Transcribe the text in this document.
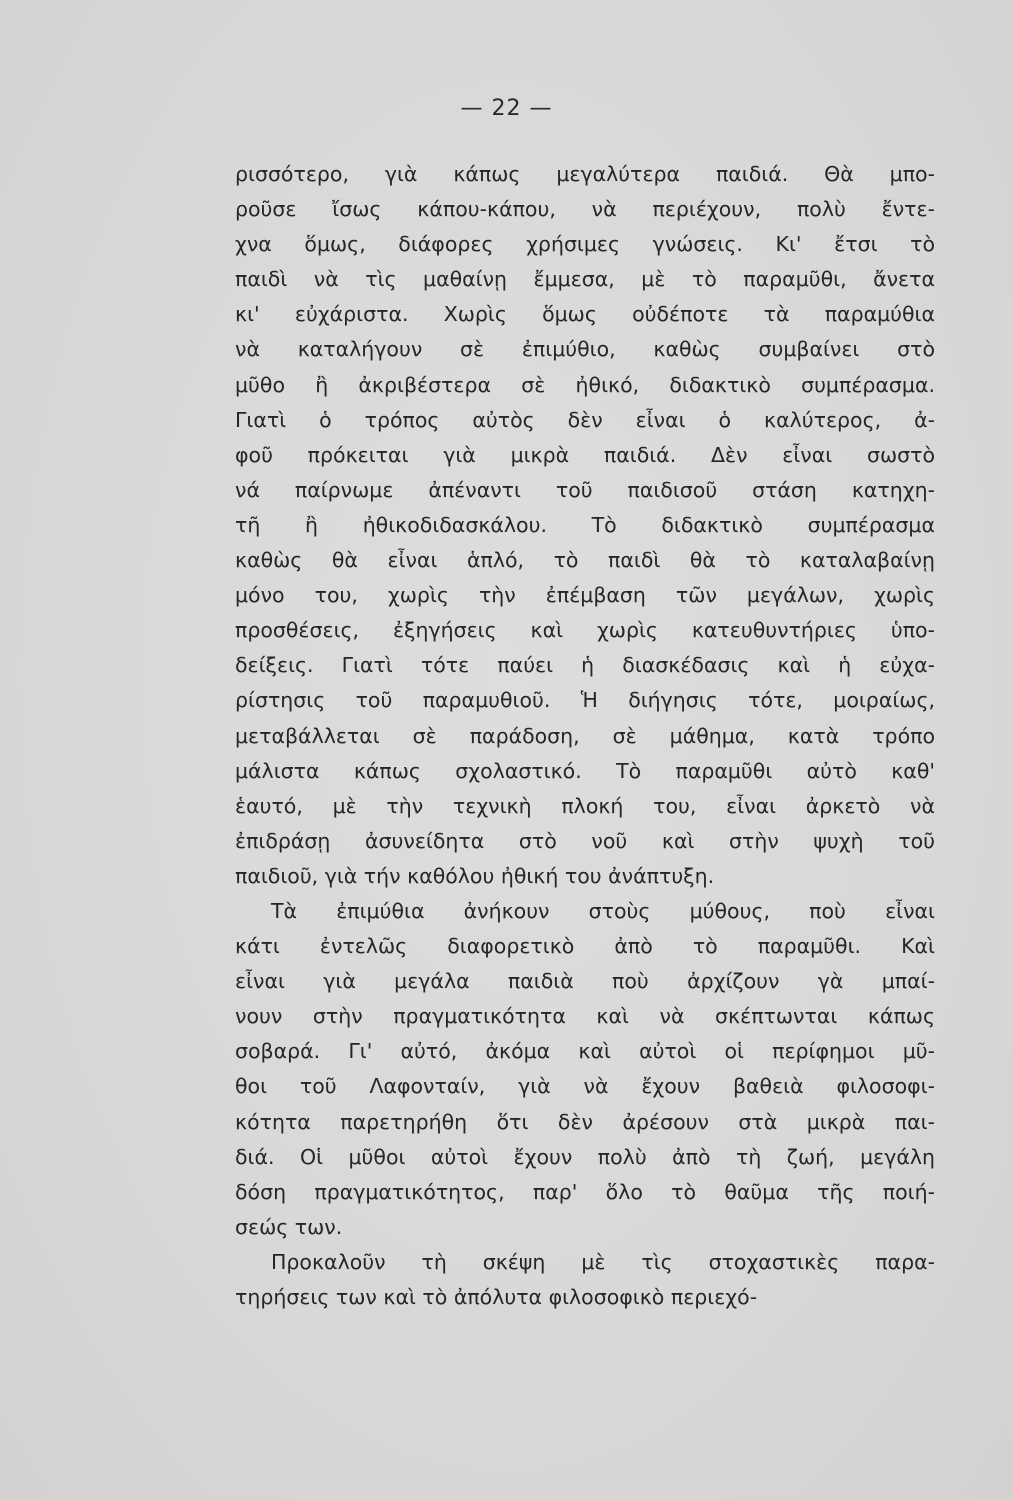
— 22 —
ρισσότερο, γιὰ κάπως μεγαλύτερα παιδιά. Θὰ μπο-
ροῦσε ἴσως κάπου-κάπου, νὰ περιέχουν, πολὺ ἔντε-
χνα ὅμως, διάφορες χρήσιμες γνώσεις. Κι' ἔτσι τὸ
παιδὶ νὰ τὶς μαθαίνῃ ἔμμεσα, μὲ τὸ παραμῦθι, ἄνετα
κι' εὐχάριστα. Χωρὶς ὅμως οὐδέποτε τὰ παραμύθια
νὰ καταλήγουν σὲ ἐπιμύθιο, καθὼς συμβαίνει στὸ
μῦθο ἢ ἀκριβέστερα σὲ ἠθικό, διδακτικὸ συμπέρασμα.
Γιατὶ ὁ τρόπος αὐτὸς δὲν εἶναι ὁ καλύτερος, ἀ-
φοῦ πρόκειται γιὰ μικρὰ παιδιά. Δὲν εἶναι σωστὸ
νά παίρνωμε ἀπέναντι τοῦ παιδισοῦ στάση κατηχη-
τῆ ἢ ἠθικοδιδασκάλου. Τὸ διδακτικὸ συμπέρασμα
καθὼς θὰ εἶναι ἁπλό, τὸ παιδὶ θὰ τὸ καταλαβαίνῃ
μόνο του, χωρὶς τὴν ἐπέμβαση τῶν μεγάλων, χωρὶς
προσθέσεις, ἐξηγήσεις καὶ χωρὶς κατευθυντήριες ὑπο-
δείξεις. Γιατὶ τότε παύει ἡ διασκέδασις καὶ ἡ εὐχα-
ρίστησις τοῦ παραμυθιοῦ. Ἡ διήγησις τότε, μοιραίως,
μεταβάλλεται σὲ παράδοση, σὲ μάθημα, κατὰ τρόπο
μάλιστα κάπως σχολαστικό. Τὸ παραμῦθι αὐτὸ καθ'
ἑαυτό, μὲ τὴν τεχνικὴ πλοκή του, εἶναι ἀρκετὸ νὰ
ἐπιδράσῃ ἀσυνείδητα στὸ νοῦ καὶ στὴν ψυχὴ τοῦ
παιδιοῦ, γιὰ τήν καθόλου ἠθική του ἀνάπτυξη.
Τὰ ἐπιμύθια ἀνήκουν στοὺς μύθους, ποὺ εἶναι
κάτι ἐντελῶς διαφορετικὸ ἀπὸ τὸ παραμῦθι. Καὶ
εἶναι γιὰ μεγάλα παιδιὰ ποὺ ἀρχίζουν γὰ μπαί-
νουν στὴν πραγματικότητα καὶ νὰ σκέπτωνται κάπως
σοβαρά. Γι' αὐτό, ἀκόμα καὶ αὐτοὶ οἱ περίφημοι μῦ-
θοι τοῦ Λαφονταίν, γιὰ νὰ ἔχουν βαθειὰ φιλοσοφι-
κότητα παρετηρήθη ὅτι δὲν ἀρέσουν στὰ μικρὰ παι-
διά. Οἱ μῦθοι αὐτοὶ ἔχουν πολὺ ἀπὸ τὴ ζωή, μεγάλη
δόση πραγματικότητος, παρ' ὅλο τὸ θαῦμα τῆς ποιή-
σεώς των.
Προκαλοῦν τὴ σκέψη μὲ τὶς στοχαστικὲς παρα-
τηρήσεις των καὶ τὸ ἀπόλυτα φιλοσοφικὸ περιεχό-
